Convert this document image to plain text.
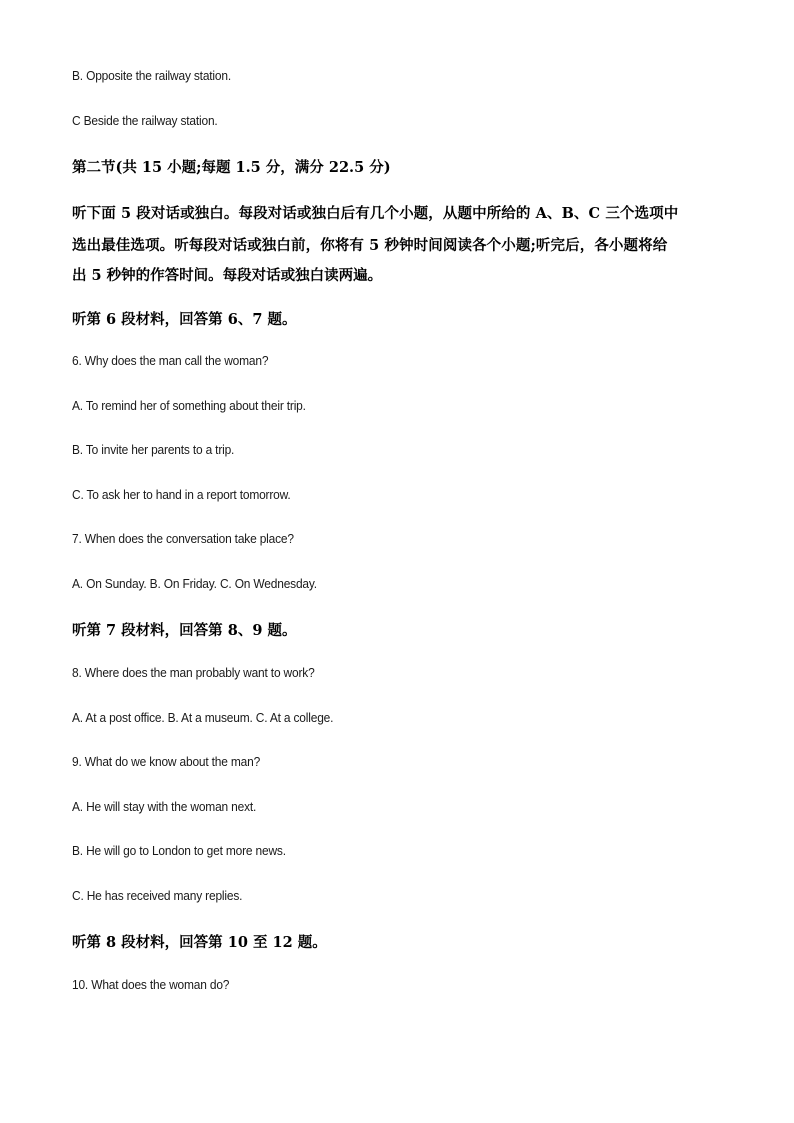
B. Opposite the railway station.
C Beside the railway station.
第二节(共 15 小题;每题 1.5 分，满分 22.5 分)
听下面 5 段对话或独白。每段对话或独白后有几个小题，从题中所给的 A、B、C 三个选项中
选出最佳选项。听每段对话或独白前，你将有 5 秒钟时间阅读各个小题;听完后，各小题将给
出 5 秒钟的作答时间。每段对话或独白读两遍。
听第 6 段材料，回答第 6、7 题。
6. Why does the man call the woman?
A. To remind her of something about their trip.
B. To invite her parents to a trip.
C. To ask her to hand in a report tomorrow.
7. When does the conversation take place?
A. On Sunday. B. On Friday. C. On Wednesday.
听第 7 段材料，回答第 8、9 题。
8. Where does the man probably want to work?
A. At a post office. B. At a museum. C. At a college.
9. What do we know about the man?
A. He will stay with the woman next.
B. He will go to London to get more news.
C. He has received many replies.
听第 8 段材料，回答第 10 至 12 题。
10. What does the woman do?
